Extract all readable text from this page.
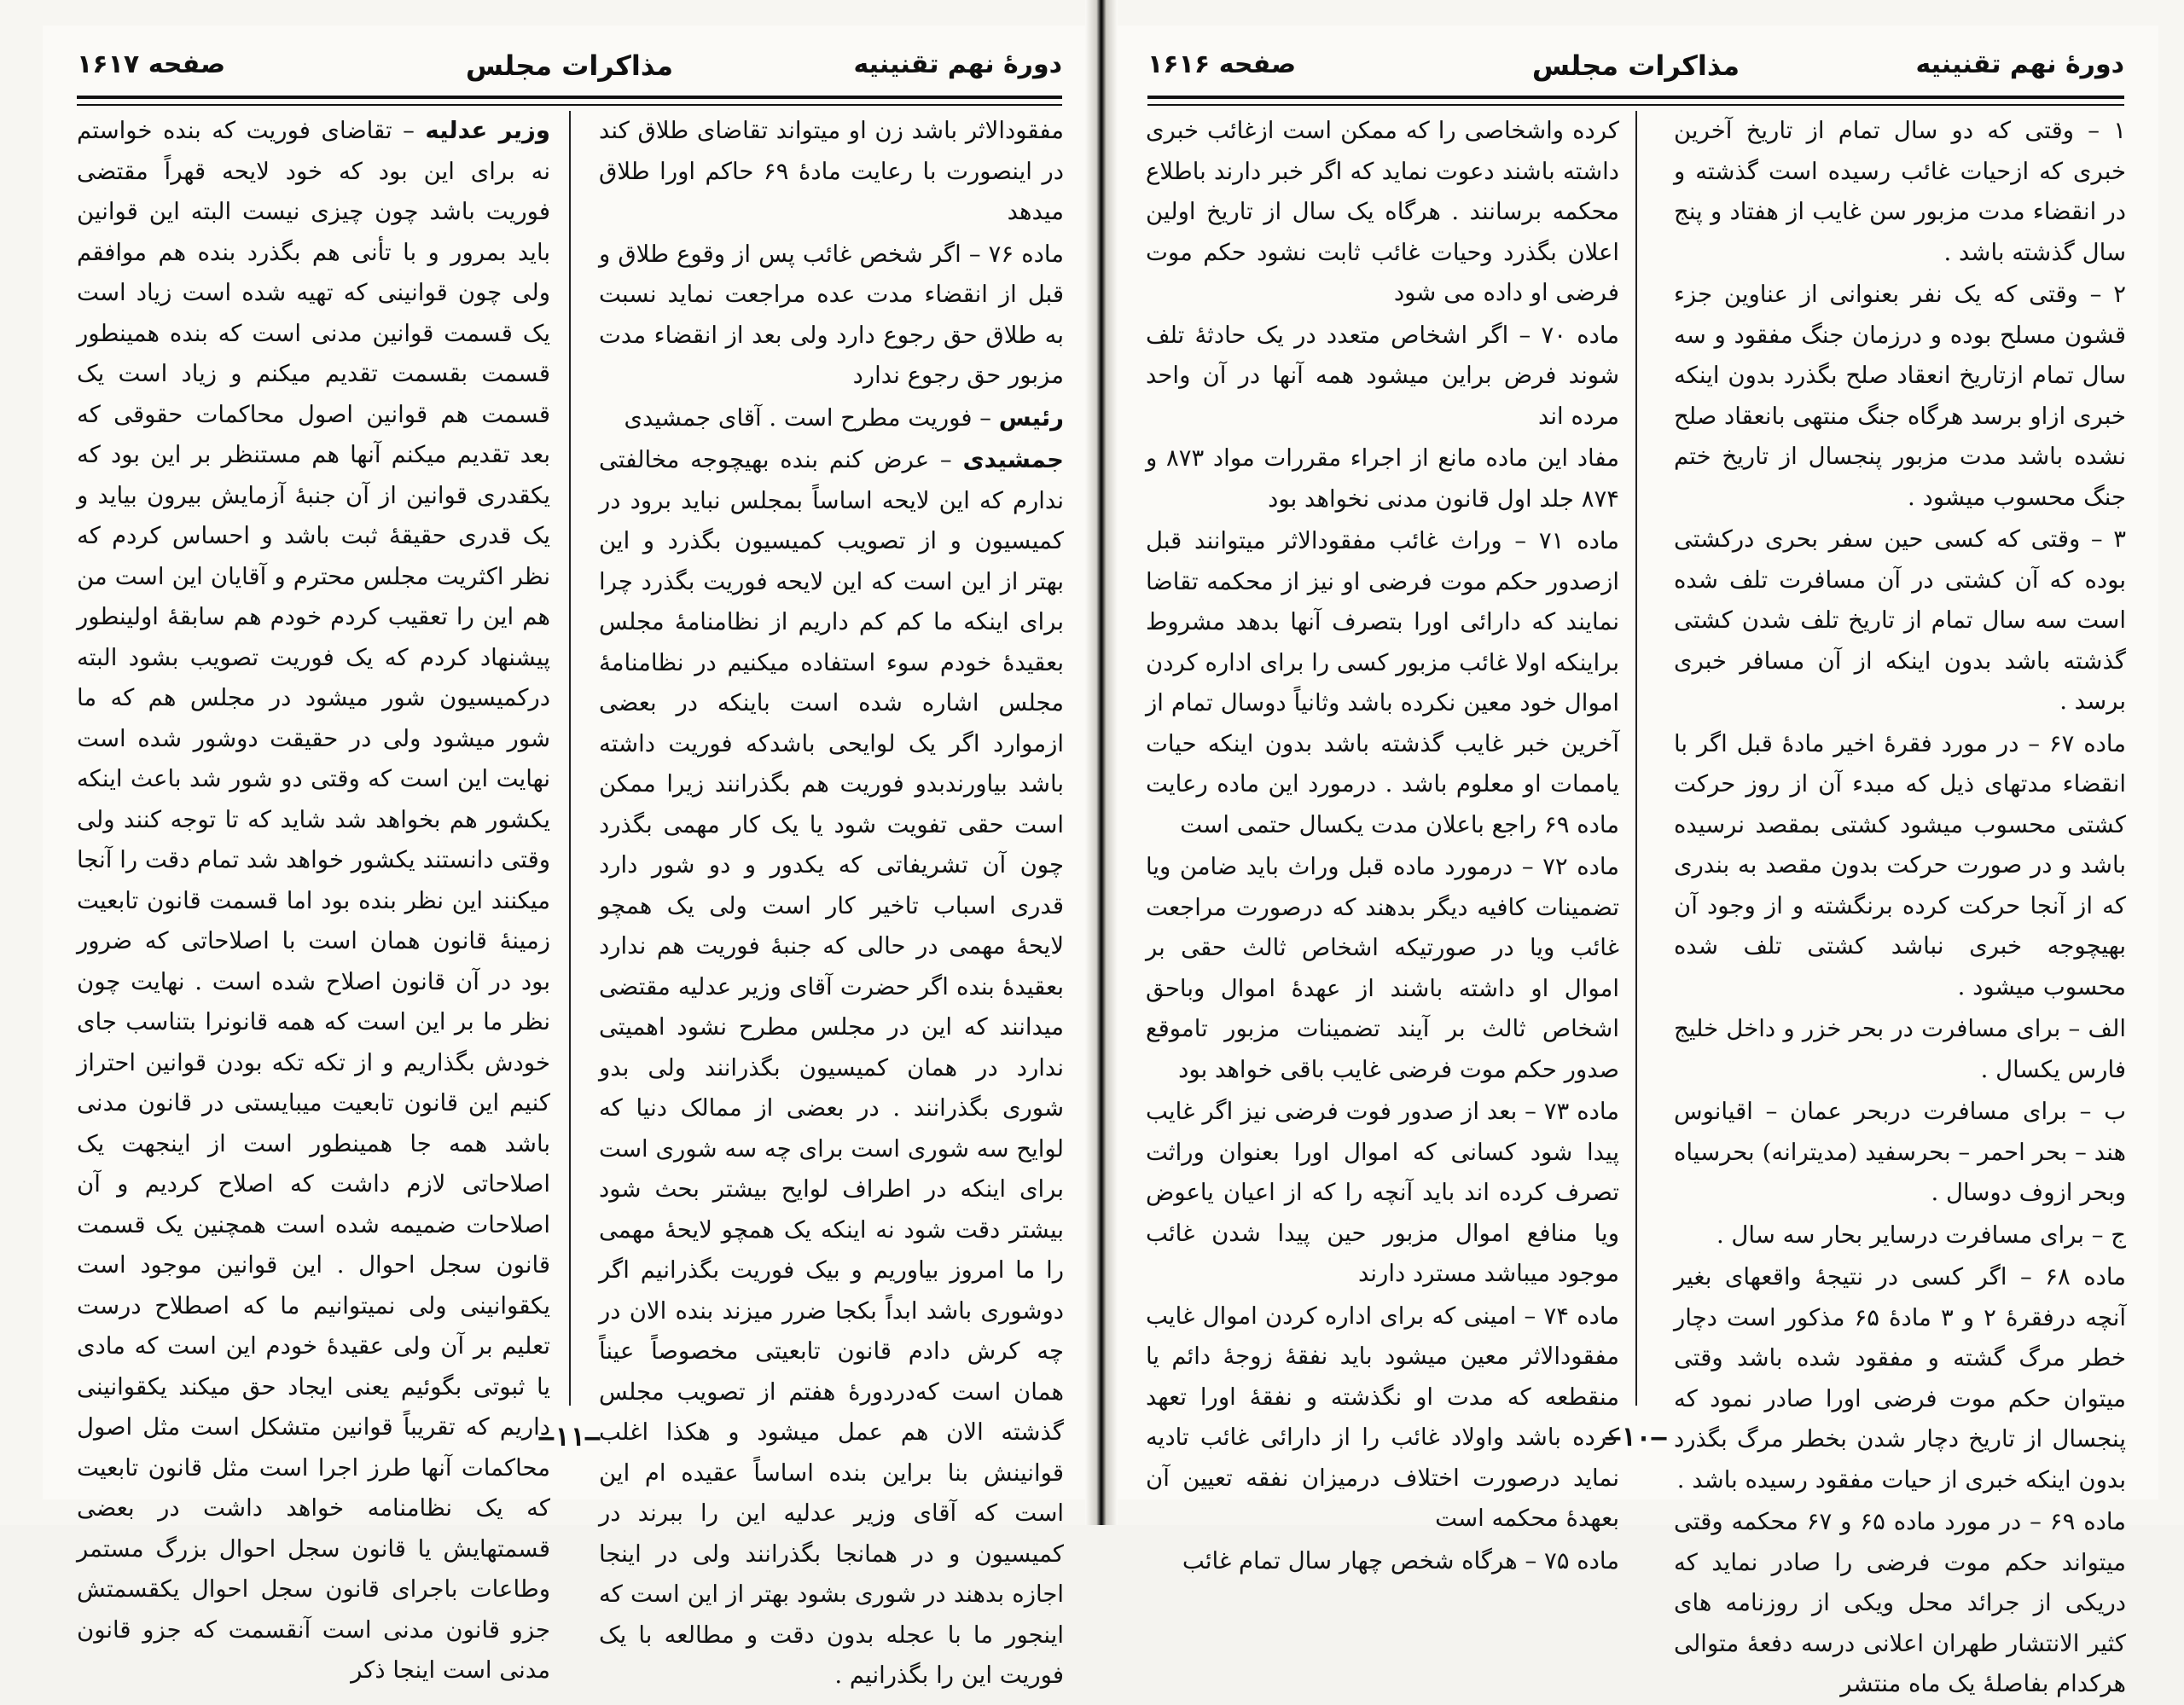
دورهٔ نهم تقنینیه
مذاکرات مجلس
صفحه ۱۶۱۷

مفقودالاثر باشد زن او میتواند تقاضای طلاق کند در اینصورت با رعایت مادهٔ ۶۹ حاکم اورا طلاق میدهد

ماده ۷۶ – اگر شخص غائب پس از وقوع طلاق و قبل از انقضاء مدت عده مراجعت نماید نسبت به طلاق حق رجوع دارد ولی بعد از انقضاء مدت مزبور حق رجوع ندارد

رئیس – فوریت مطرح است . آقای جمشیدی

جمشیدی – عرض کنم بنده بهیچوجه مخالفتی ندارم که این لایحه اساساً بمجلس نباید برود در کمیسیون و از تصویب کمیسیون بگذرد و این بهتر از این است که این لایحه فوریت بگذرد چرا برای اینکه ما کم کم داریم از نظامنامهٔ مجلس بعقیدهٔ خودم سوء استفاده میکنیم در نظامنامهٔ مجلس اشاره شده است باینکه در بعضی ازموارد اگر یک لوایحی باشدکه فوریت داشته باشد بیاورندبدو فوریت هم بگذرانند زیرا ممکن است حقی تفویت شود یا یک کار مهمی بگذرد چون آن تشریفاتی که یکدور و دو شور دارد قدری اسباب تاخیر کار است ولی یک همچو لایحهٔ مهمی در حالی که جنبهٔ فوریت هم ندارد بعقیدهٔ بنده اگر حضرت آقای وزیر عدلیه مقتضی میدانند که این در مجلس مطرح نشود اهمیتی ندارد در همان کمیسیون بگذرانند ولی بدو شوری بگذرانند . در بعضی از ممالک دنیا که لوایح سه شوری است برای چه سه شوری است برای اینکه در اطراف لوایح بیشتر بحث شود بیشتر دقت شود نه اینکه یک همچو لایحهٔ مهمی را ما امروز بیاوریم و بیک فوریت بگذرانیم اگر دوشوری باشد ابداً بکجا ضرر میزند بنده الان در چه کرش دادم قانون تابعیتی مخصوصاً عیناً همان است کەدردورهٔ هفتم از تصویب مجلس گذشته الان هم عمل میشود و هکذا اغلب قوانینش بنا براین بنده اساساً عقیده ام این است که آقای وزیر عدلیه این را ببرند در کمیسیون و در همانجا بگذرانند ولی در اینجا اجازه بدهند در شوری بشود بهتر از این است که اینجور ما با عجله بدون دقت و مطالعه با یک فوریت این را بگذرانیم .

وزیر عدلیه – تقاضای فوریت که بنده خواستم نه برای این بود که خود لایحه قهراً مقتضی فوریت باشد چون چیزی نیست البته این قوانین باید بمرور و با تأنی هم بگذرد بنده هم موافقم ولی چون قوانینی که تهیه شده است زیاد است یک قسمت قوانین مدنی است که بنده همینطور قسمت بقسمت تقدیم میکنم و زیاد است یک قسمت هم قوانین اصول محاکمات حقوقی که بعد تقدیم میکنم آنها هم مستنظر بر این بود که یکقدری قوانین از آن جنبهٔ آزمایش بیرون بیاید و یک قدری حقیقهٔ ثبت باشد و احساس کردم که نظر اکثریت مجلس محترم و آقایان این است من هم این را تعقیب کردم خودم هم سابقهٔ اولینطور پیشنهاد کردم که یک فوریت تصویب بشود البته درکمیسیون شور میشود در مجلس هم که ما شور میشود ولی در حقیقت دوشور شده است نهایت این است که وقتی دو شور شد باعث اینکه یکشور هم بخواهد شد شاید که تا توجه کنند ولی وقتی دانستند یکشور خواهد شد تمام دقت را آنجا میکنند این نظر بنده بود اما قسمت قانون تابعیت زمینهٔ قانون همان است با اصلاحاتی که ضرور بود در آن قانون اصلاح شده است . نهایت چون نظر ما بر این است که همه قانونرا بتناسب جای خودش بگذاریم و از تکه تکه بودن قوانین احتراز کنیم این قانون تابعیت میبایستی در قانون مدنی باشد همه جا همینطور است از اینجهت یک اصلاحاتی لازم داشت که اصلاح کردیم و آن اصلاحات ضمیمه شده است همچنین یک قسمت قانون سجل احوال . این قوانین موجود است یکقوانینی ولی نمیتوانیم ما که اصطلاح درست تعلیم بر آن ولی عقیدهٔ خودم این است که مادی یا ثبوتی بگوئیم یعنی ایجاد حق میکند یکقوانینی داریم که تقریباً قوانین متشکل است مثل اصول محاکمات آنها طرز اجرا است مثل قانون تابعیت که یک نظامنامه خواهد داشت در بعضی قسمتهایش یا قانون سجل احوال بزرگ مستمر وطاعات باجرای قانون سجل احوال یکقسمتش جزو قانون مدنی است آنقسمت که جزو قانون مدنی است اینجا ذکر

–۱۱–
دورهٔ نهم تقنینیه
مذاکرات مجلس
صفحه ۱۶۱۶

۱ – وقتی که دو سال تمام از تاریخ آخرین خبری که ازحیات غائب رسیده است گذشته و در انقضاء مدت مزبور سن غایب از هفتاد و پنج سال گذشته باشد .

۲ – وقتی که یک نفر بعنوانی از عناوین جزء قشون مسلح بوده و درزمان جنگ مفقود و سه سال تمام ازتاریخ انعقاد صلح بگذرد بدون اینکه خبری ازاو برسد هرگاه جنگ منتهی بانعقاد صلح نشده باشد مدت مزبور پنجسال از تاریخ ختم جنگ محسوب میشود .

۳ – وقتی که کسی حین سفر بحری درکشتی بوده که آن کشتی در آن مسافرت تلف شده است سه سال تمام از تاریخ تلف شدن کشتی گذشته باشد بدون اینکه از آن مسافر خبری برسد .

ماده ۶۷ – در مورد فقرهٔ اخیر مادهٔ قبل اگر با انقضاء مدتهای ذیل که مبدء آن از روز حرکت کشتی محسوب میشود کشتی بمقصد نرسیده باشد و در صورت حرکت بدون مقصد به بندری که از آنجا حرکت کرده برنگشته و از وجود آن بهیچوجه خبری نباشد کشتی تلف شده محسوب میشود .

الف – برای مسافرت در بحر خزر و داخل خلیج فارس یکسال .

ب – برای مسافرت دربحر عمان – اقیانوس هند – بحر احمر – بحرسفید (مدیترانه) بحرسیاه وبحر ازوف دوسال .

ج – برای مسافرت درسایر بحار سه سال .

ماده ۶۸ – اگر کسی در نتیجهٔ واقعهای بغیر آنچه درفقرهٔ ۲ و ۳ مادهٔ ۶۵ مذکور است دچار خطر مرگ گشته و مفقود شده باشد وقتی میتوان حکم موت فرضی اورا صادر نمود که پنجسال از تاریخ دچار شدن بخطر مرگ بگذرد بدون اینکه خبری از حیات مفقود رسیده باشد .

ماده ۶۹ – در مورد ماده ۶۵ و ۶۷ محکمه وقتی میتواند حکم موت فرضی را صادر نماید که دریکی از جرائد محل ویکی از روزنامه های کثیر الانتشار طهران اعلانی درسه دفعهٔ متوالی هرکدام بفاصلهٔ یک ماه منتشر

کرده واشخاصی را که ممکن است ازغائب خبری داشته باشند دعوت نماید که اگر خبر دارند باطلاع محکمه برسانند . هرگاه یک سال از تاریخ اولین اعلان بگذرد وحیات غائب ثابت نشود حکم موت فرضی او داده می شود

ماده ۷۰ – اگر اشخاص متعدد در یک حادثهٔ تلف شوند فرض براین میشود همه آنها در آن واحد مرده اند

مفاد این ماده مانع از اجراء مقررات مواد ۸۷۳ و ۸۷۴ جلد اول قانون مدنی نخواهد بود

ماده ۷۱ – وراث غائب مفقودالاثر میتوانند قبل ازصدور حکم موت فرضی او نیز از محکمه تقاضا نمایند که دارائی اورا بتصرف آنها بدهد مشروط براینکه اولا غائب مزبور کسی را برای اداره کردن اموال خود معین نکرده باشد وثانیاً دوسال تمام از آخرین خبر غایب گذشته باشد بدون اینکه حیات یاممات او معلوم باشد . درمورد این ماده رعایت ماده ۶۹ راجع باعلان مدت یکسال حتمی است

ماده ۷۲ – درمورد ماده قبل وراث باید ضامن ویا تضمینات کافیه دیگر بدهند که درصورت مراجعت غائب ویا در صورتیکه اشخاص ثالث حقی بر اموال او داشته باشند از عهدهٔ اموال وباحق اشخاص ثالث بر آیند تضمینات مزبور تاموقع صدور حکم موت فرضی غایب باقی خواهد بود

ماده ۷۳ – بعد از صدور فوت فرضی نیز اگر غایب پیدا شود کسانی که اموال اورا بعنوان وراثت تصرف کرده اند باید آنچه را که از اعیان یاعوض ویا منافع اموال مزبور حین پیدا شدن غائب موجود میباشد مسترد دارند

ماده ۷۴ – امینی که برای اداره کردن اموال غایب مفقودالاثر معین میشود باید نفقهٔ زوجهٔ دائم یا منقطعه که مدت او نگذشته و نفقهٔ اورا تعهد کرده باشد واولاد غائب را از دارائی غائب تادیه نماید درصورت اختلاف درمیزان نفقه تعیین آن بعهدهٔ محکمه است

ماده ۷۵ – هرگاه شخص چهار سال تمام غائب

–۱۰–
